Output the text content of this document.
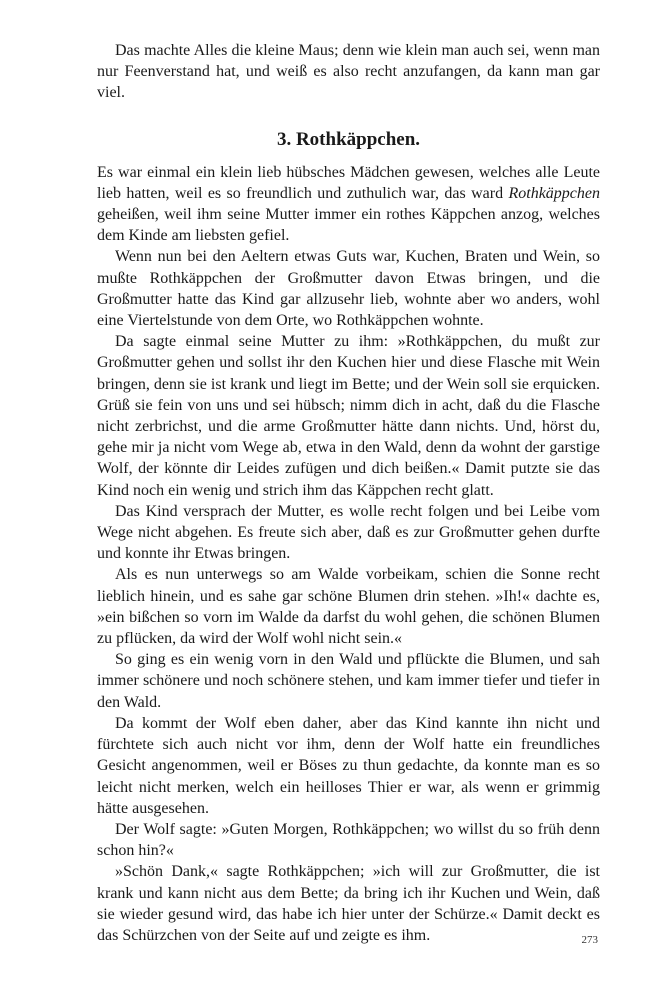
Das machte Alles die kleine Maus; denn wie klein man auch sei, wenn man nur Feenverstand hat, und weiß es also recht anzufangen, da kann man gar viel.

3. Rothkäppchen.

Es war einmal ein klein lieb hübsches Mädchen gewesen, welches alle Leute lieb hatten, weil es so freundlich und zuthulich war, das ward Rothkäppchen geheißen, weil ihm seine Mutter immer ein rothes Käppchen anzog, welches dem Kinde am liebsten gefiel.

Wenn nun bei den Aeltern etwas Guts war, Kuchen, Braten und Wein, so mußte Rothkäppchen der Großmutter davon Etwas bringen, und die Großmutter hatte das Kind gar allzusehr lieb, wohnte aber wo anders, wohl eine Viertelstunde von dem Orte, wo Rothkäppchen wohnte.

Da sagte einmal seine Mutter zu ihm: »Rothkäppchen, du mußt zur Großmutter gehen und sollst ihr den Kuchen hier und diese Flasche mit Wein bringen, denn sie ist krank und liegt im Bette; und der Wein soll sie erquicken. Grüß sie fein von uns und sei hübsch; nimm dich in acht, daß du die Flasche nicht zerbrichst, und die arme Großmutter hätte dann nichts. Und, hörst du, gehe mir ja nicht vom Wege ab, etwa in den Wald, denn da wohnt der garstige Wolf, der könnte dir Leides zufügen und dich beißen.« Damit putzte sie das Kind noch ein wenig und strich ihm das Käppchen recht glatt.

Das Kind versprach der Mutter, es wolle recht folgen und bei Leibe vom Wege nicht abgehen. Es freute sich aber, daß es zur Großmutter gehen durfte und konnte ihr Etwas bringen.

Als es nun unterwegs so am Walde vorbeikam, schien die Sonne recht lieblich hinein, und es sahe gar schöne Blumen drin stehen. »Ih!« dachte es, »ein bißchen so vorn im Walde da darfst du wohl gehen, die schönen Blumen zu pflücken, da wird der Wolf wohl nicht sein.«

So ging es ein wenig vorn in den Wald und pflückte die Blumen, und sah immer schönere und noch schönere stehen, und kam immer tiefer und tiefer in den Wald.

Da kommt der Wolf eben daher, aber das Kind kannte ihn nicht und fürchtete sich auch nicht vor ihm, denn der Wolf hatte ein freundliches Gesicht angenommen, weil er Böses zu thun gedachte, da konnte man es so leicht nicht merken, welch ein heilloses Thier er war, als wenn er grimmig hätte ausgesehen.

Der Wolf sagte: »Guten Morgen, Rothkäppchen; wo willst du so früh denn schon hin?«

»Schön Dank,« sagte Rothkäppchen; »ich will zur Großmutter, die ist krank und kann nicht aus dem Bette; da bring ich ihr Kuchen und Wein, daß sie wieder gesund wird, das habe ich hier unter der Schürze.« Damit deckt es das Schürzchen von der Seite auf und zeigte es ihm.	273
